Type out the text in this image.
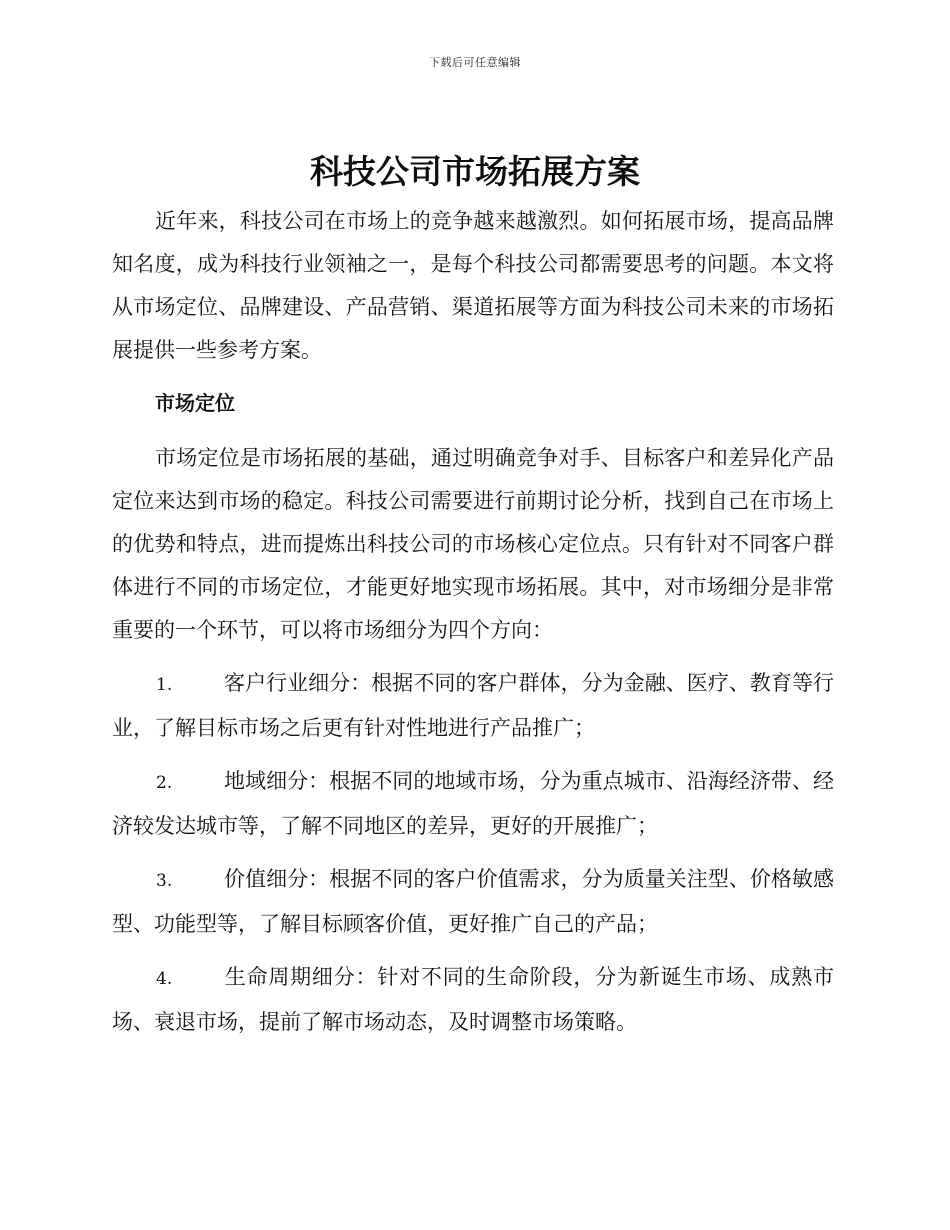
下载后可任意编辑
科技公司市场拓展方案

近年来，科技公司在市场上的竞争越来越激烈。如何拓展市场，提高品牌知名度，成为科技行业领袖之一，是每个科技公司都需要思考的问题。本文将从市场定位、品牌建设、产品营销、渠道拓展等方面为科技公司未来的市场拓展提供一些参考方案。

市场定位

市场定位是市场拓展的基础，通过明确竞争对手、目标客户和差异化产品定位来达到市场的稳定。科技公司需要进行前期讨论分析，找到自己在市场上的优势和特点，进而提炼出科技公司的市场核心定位点。只有针对不同客户群体进行不同的市场定位，才能更好地实现市场拓展。其中，对市场细分是非常重要的一个环节，可以将市场细分为四个方向：

1. 客户行业细分：根据不同的客户群体，分为金融、医疗、教育等行业，了解目标市场之后更有针对性地进行产品推广；

2. 地域细分：根据不同的地域市场，分为重点城市、沿海经济带、经济较发达城市等，了解不同地区的差异，更好的开展推广；

3. 价值细分：根据不同的客户价值需求，分为质量关注型、价格敏感型、功能型等，了解目标顾客价值，更好推广自己的产品；

4. 生命周期细分：针对不同的生命阶段，分为新诞生市场、成熟市场、衰退市场，提前了解市场动态，及时调整市场策略。
